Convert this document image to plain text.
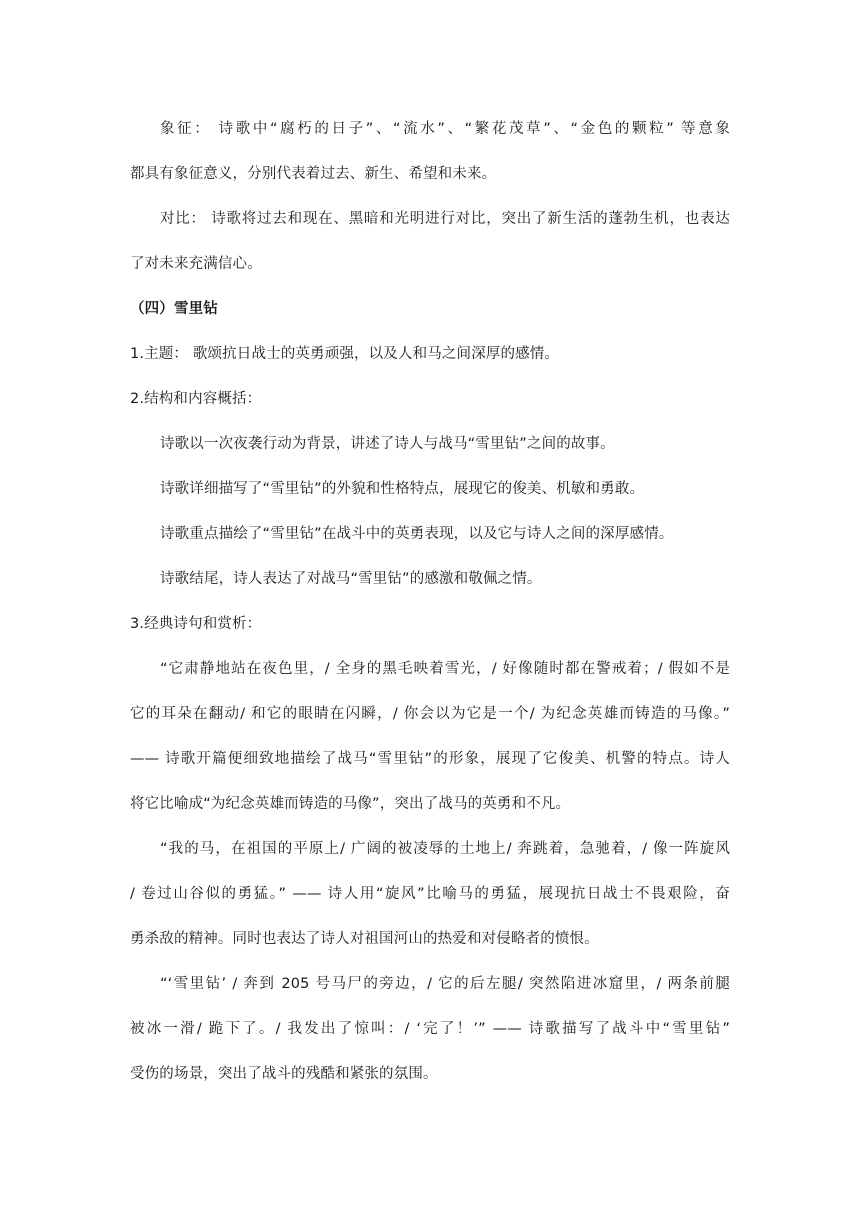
象征： 诗歌中“腐朽的日子”、“流水”、“繁花茂草”、“金色的颗粒” 等意象
都具有象征意义，分别代表着过去、新生、希望和未来。
对比： 诗歌将过去和现在、黑暗和光明进行对比，突出了新生活的蓬勃生机，也表达
了对未来充满信心。
（四）雪里钻
1.主题： 歌颂抗日战士的英勇顽强，以及人和马之间深厚的感情。
2.结构和内容概括：
诗歌以一次夜袭行动为背景，讲述了诗人与战马“雪里钻”之间的故事。
诗歌详细描写了“雪里钻”的外貌和性格特点，展现它的俊美、机敏和勇敢。
诗歌重点描绘了“雪里钻”在战斗中的英勇表现，以及它与诗人之间的深厚感情。
诗歌结尾，诗人表达了对战马“雪里钻”的感激和敬佩之情。
3.经典诗句和赏析：
“它肃静地站在夜色里，/ 全身的黑毛映着雪光，/ 好像随时都在警戒着；/ 假如不是
它的耳朵在翻动/ 和它的眼睛在闪瞬，/ 你会以为它是一个/ 为纪念英雄而铸造的马像。”
—— 诗歌开篇便细致地描绘了战马“雪里钻”的形象，展现了它俊美、机警的特点。诗人
将它比喻成“为纪念英雄而铸造的马像”，突出了战马的英勇和不凡。
“我的马，在祖国的平原上/ 广阔的被凌辱的土地上/ 奔跳着，急驰着，/ 像一阵旋风
/ 卷过山谷似的勇猛。” —— 诗人用“旋风”比喻马的勇猛，展现抗日战士不畏艰险，奋
勇杀敌的精神。同时也表达了诗人对祖国河山的热爱和对侵略者的愤恨。
“‘雪里钻’ / 奔到 205 号马尸的旁边，/ 它的后左腿/ 突然陷进冰窟里，/ 两条前腿
被冰一滑/ 跪下了。/ 我发出了惊叫：/ ‘完了！’” —— 诗歌描写了战斗中“雪里钻”
受伤的场景，突出了战斗的残酷和紧张的氛围。
